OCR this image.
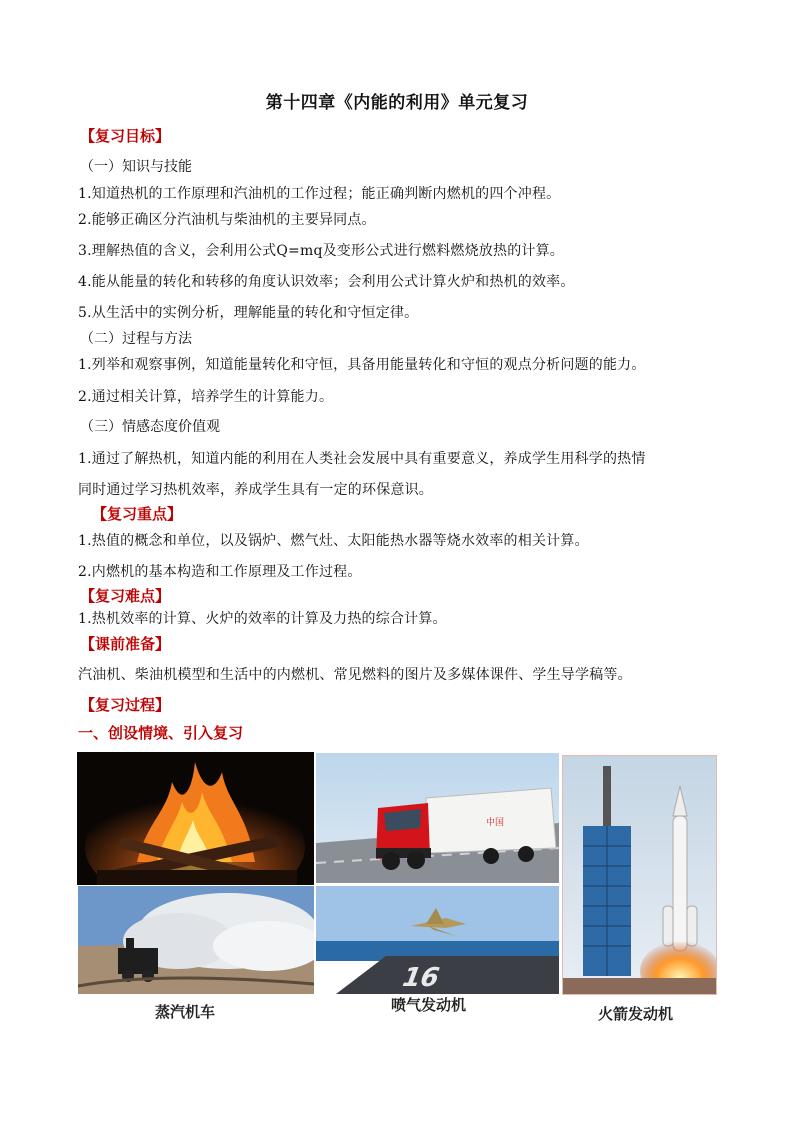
第十四章《内能的利用》单元复习
【复习目标】
（一）知识与技能
1.知道热机的工作原理和汽油机的工作过程；能正确判断内燃机的四个冲程。
2.能够正确区分汽油机与柴油机的主要异同点。
3.理解热值的含义，会利用公式Q=mq及变形公式进行燃料燃烧放热的计算。
4.能从能量的转化和转移的角度认识效率；会利用公式计算火炉和热机的效率。
5.从生活中的实例分析，理解能量的转化和守恒定律。
（二）过程与方法
1.列举和观察事例，知道能量转化和守恒，具备用能量转化和守恒的观点分析问题的能力。
2.通过相关计算，培养学生的计算能力。
（三）情感态度价值观
1.通过了解热机，知道内能的利用在人类社会发展中具有重要意义，养成学生用科学的热情
同时通过学习热机效率，养成学生具有一定的环保意识。
【复习重点】
1.热值的概念和单位，以及锅炉、燃气灶、太阳能热水器等烧水效率的相关计算。
2.内燃机的基本构造和工作原理及工作过程。
【复习难点】
1.热机效率的计算、火炉的效率的计算及力热的综合计算。
【课前准备】
汽油机、柴油机模型和生活中的内燃机、常见燃料的图片及多媒体课件、学生导学稿等。
【复习过程】
一、创设情境、引入复习
中国
16
蒸汽机车	喷气发动机	火箭发动机
